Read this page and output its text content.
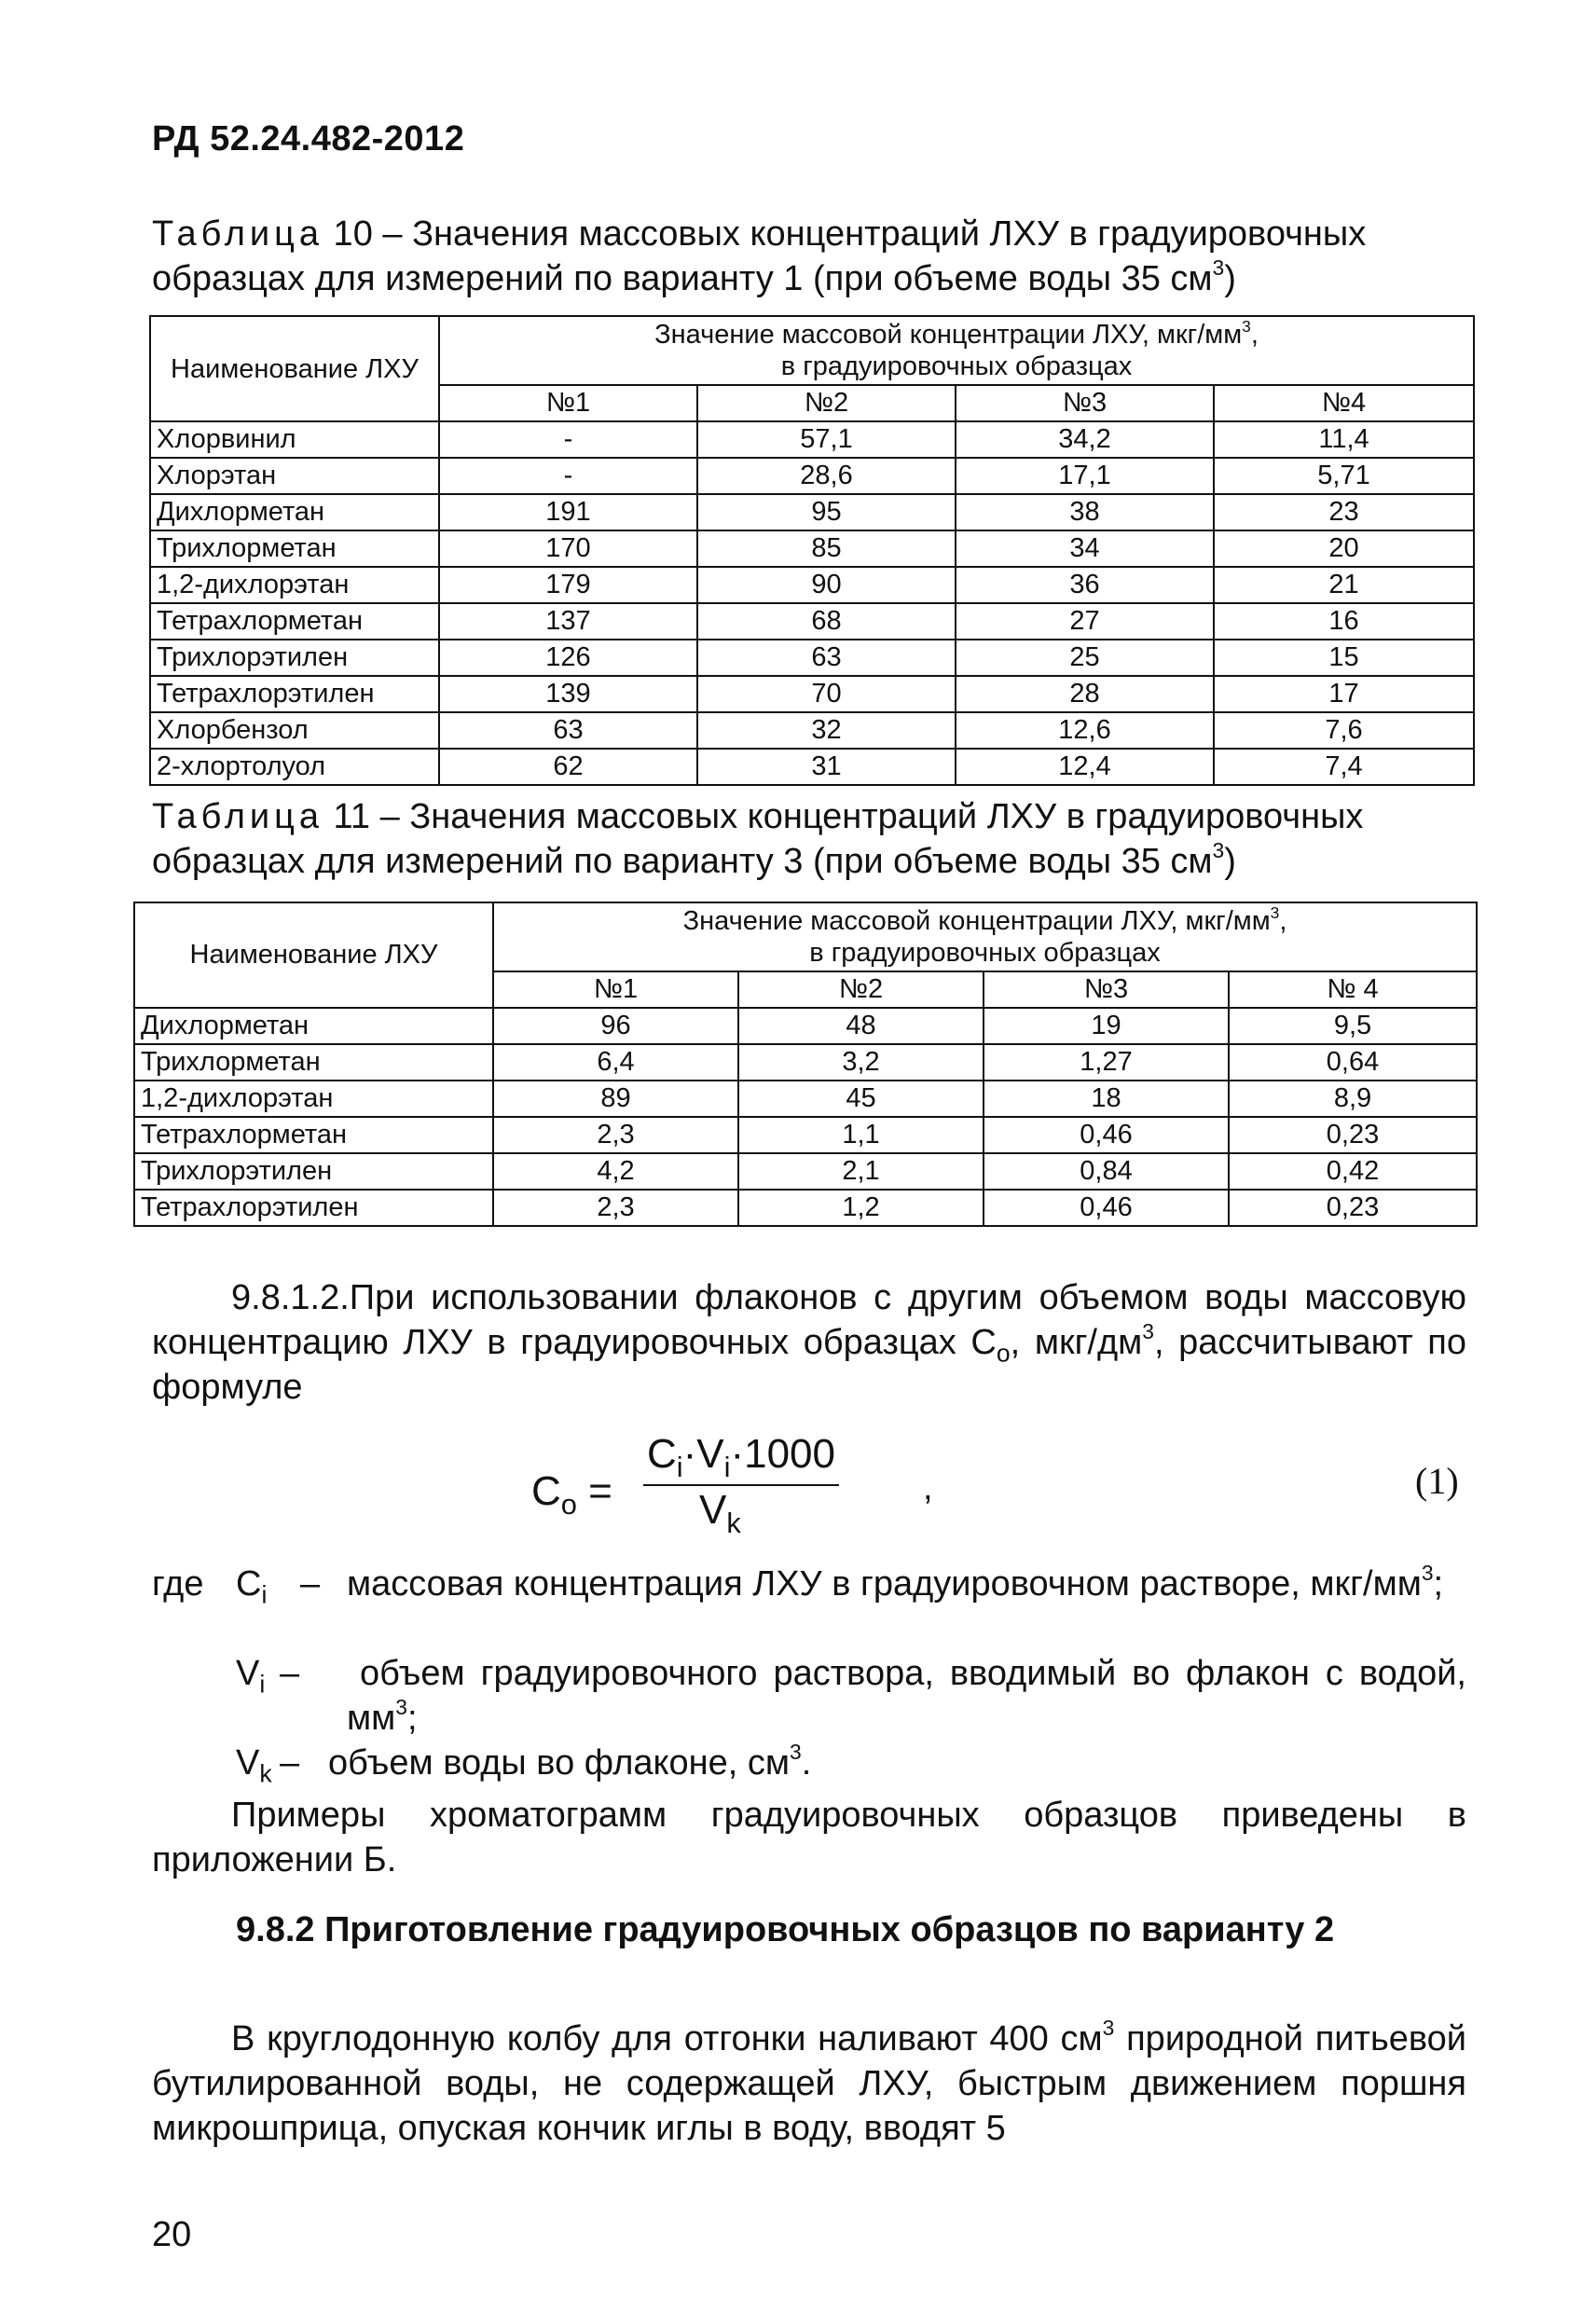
РД 52.24.482-2012
Таблица 10 – Значения массовых концентраций ЛХУ в градуировочных образцах для измерений по варианту 1 (при объеме воды 35 $см^3$)
Наименование ЛХУ	Значение массовой концентрации ЛХУ, мкг/$мм^3$,
в градуировочных образцах			
	№1	№2	№3	№4
Хлорвинил	-	57,1	34,2	11,4
Хлорэтан	-	28,6	17,1	5,71
Дихлорметан	191	95	38	23
Трихлорметан	170	85	34	20
1,2-дихлорэтан	179	90	36	21
Тетрахлорметан	137	68	27	16
Трихлорэтилен	126	63	25	15
Тетрахлорэтилен	139	70	28	17
Хлорбензол	63	32	12,6	7,6
2-хлортолуол	62	31	12,4	7,4
Таблица 11 – Значения массовых концентраций ЛХУ в градуировочных образцах для измерений по варианту 3 (при объеме воды 35 $см^3$)
Наименование ЛХУ	Значение массовой концентрации ЛХУ, мкг/$мм^3$,
в градуировочных образцах			
	№1	№2	№3	№ 4
Дихлорметан	96	48	19	9,5
Трихлорметан	6,4	3,2	1,27	0,64
1,2-дихлорэтан	89	45	18	8,9
Тетрахлорметан	2,3	1,1	0,46	0,23
Трихлорэтилен	4,2	2,1	0,84	0,42
Тетрахлорэтилен	2,3	1,2	0,46	0,23
9.8.1.2.При использовании флаконов с другим объемом воды массовую концентрацию ЛХУ в градуировочных образцах $С_о$, мкг/$дм^3$, рассчитывают по формуле
$C_o$ =
$C_i\cdot V_i\cdot 1000$
$V_k$
,	(1)
где $C_i$ – массовая концентрация ЛХУ в градуировочном растворе, мкг/$мм^3$;
$V_i$ –	объем градуировочного раствора, вводимый во флакон с водой, $мм^3$;
$V_k$ – объем воды во флаконе, $см^3$.
Примеры хроматограмм градуировочных образцов приведены в приложении Б.
9.8.2 Приготовление градуировочных образцов по варианту 2
В круглодонную колбу для отгонки наливают 400 $см^3$ природной питьевой бутилированной воды, не содержащей ЛХУ, быстрым движением поршня микрошприца, опуская кончик иглы в воду, вводят 5
20
